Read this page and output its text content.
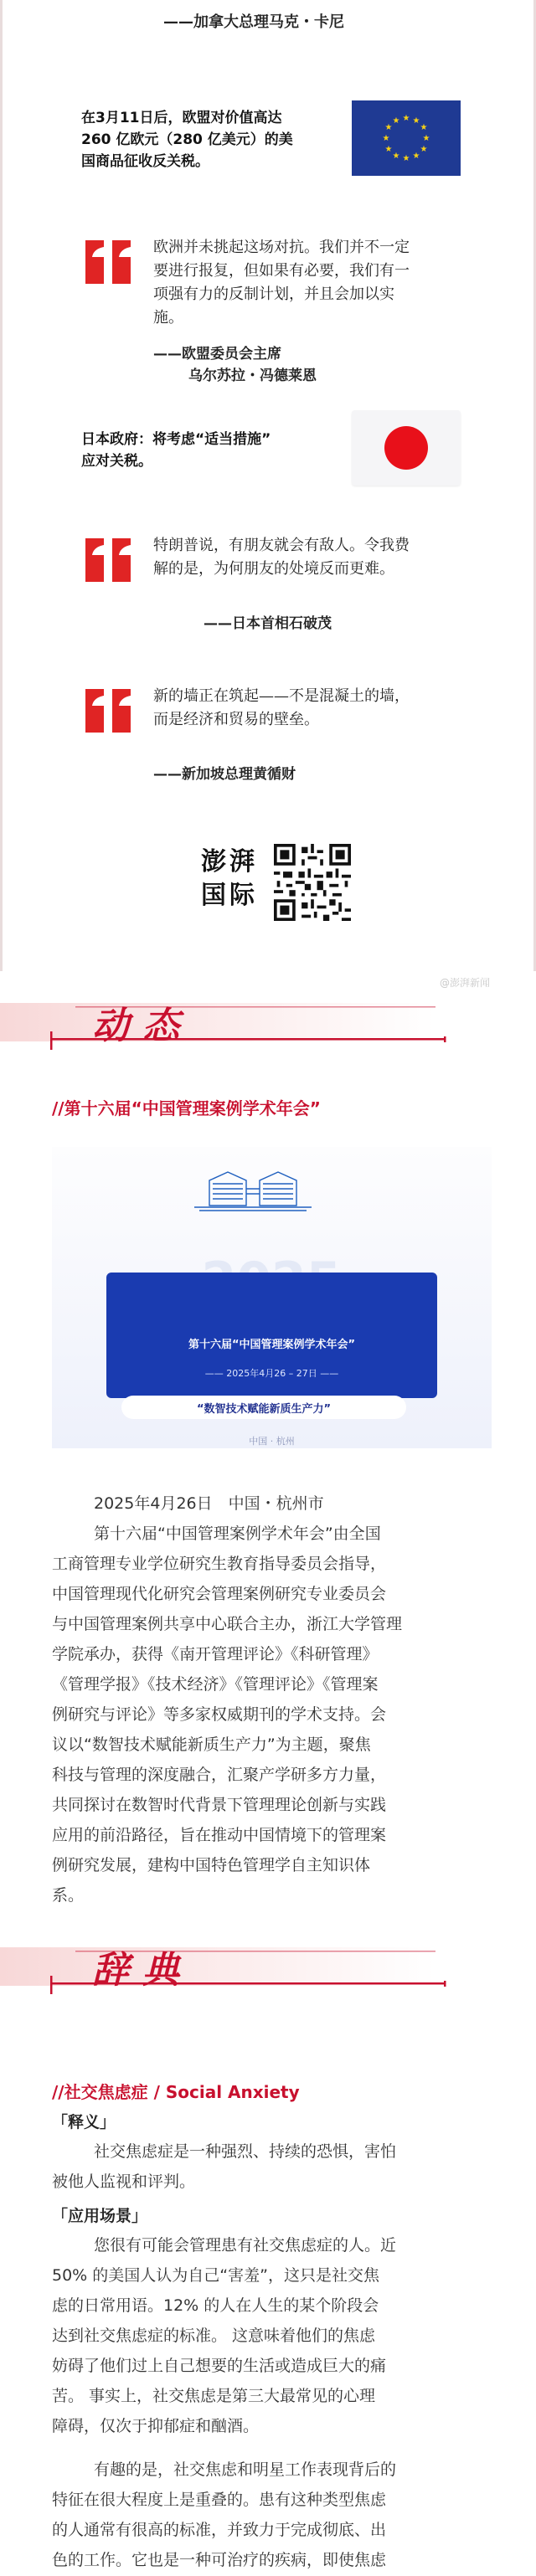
——加拿大总理马克・卡尼
在3月11日后，欧盟对价值高达
260 亿欧元（280 亿美元）的美
国商品征收反关税。
★ ★
★
★
★
★
★
★
★
★
★
★
欧洲并未挑起这场对抗。我们并不一定
要进行报复，但如果有必要，我们有一
项强有力的反制计划，并且会加以实
施。
——欧盟委员会主席
乌尔苏拉・冯德莱恩
日本政府：将考虑“适当措施”
应对关税。
特朗普说，有朋友就会有敌人。令我费
解的是，为何朋友的处境反而更难。
——日本首相石破茂
新的墙正在筑起——不是混凝土的墙，
而是经济和贸易的壁垒。
——新加坡总理黄循财
澎湃
国际
@澎湃新闻
动态
//第十六届“中国管理案例学术年会”
第十六届“中国管理案例学术年会”
—— 2025年4月26 – 27日 ——
“数智技术赋能新质生产力”
中国 · 杭州
2025年4月26日　中国・杭州市
第十六届“中国管理案例学术年会”由全国
工商管理专业学位研究生教育指导委员会指导，
中国管理现代化研究会管理案例研究专业委员会
与中国管理案例共享中心联合主办，浙江大学管理
学院承办，获得《南开管理评论》《科研管理》
《管理学报》《技术经济》《管理评论》《管理案
例研究与评论》等多家权威期刊的学术支持。会
议以“数智技术赋能新质生产力”为主题，聚焦
科技与管理的深度融合，汇聚产学研多方力量，
共同探讨在数智时代背景下管理理论创新与实践
应用的前沿路径，旨在推动中国情境下的管理案
例研究发展，建构中国特色管理学自主知识体
系。
辞典
//社交焦虑症 / Social Anxiety
「释义」
社交焦虑症是一种强烈、持续的恐惧，害怕
被他人监视和评判。
「应用场景」
您很有可能会管理患有社交焦虑症的人。近
50% 的美国人认为自己“害羞”，这只是社交焦
虑的日常用语。12% 的人在人生的某个阶段会
达到社交焦虑症的标准。 这意味着他们的焦虑
妨碍了他们过上自己想要的生活或造成巨大的痛
苦。 事实上，社交焦虑是第三大最常见的心理
障碍，仅次于抑郁症和酗酒。
有趣的是，社交焦虑和明星工作表现背后的
特征在很大程度上是重叠的。患有这种类型焦虑
的人通常有很高的标准，并致力于完成彻底、出
色的工作。它也是一种可治疗的疾病，即使焦虑
